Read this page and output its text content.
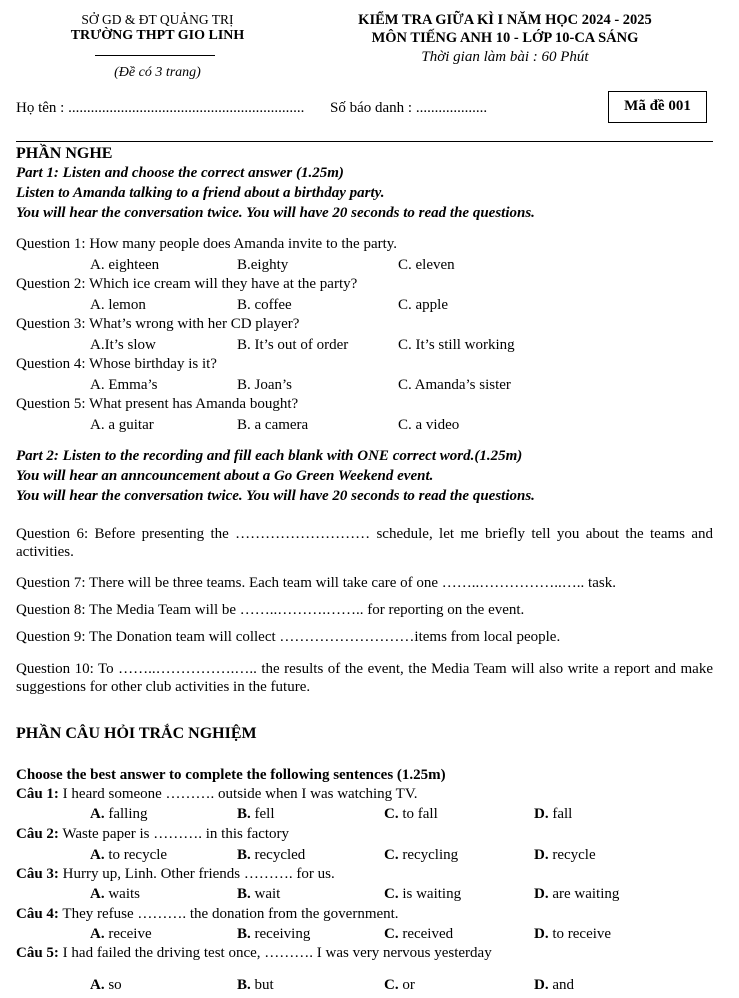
SỞ GD & ĐT QUẢNG TRỊ
TRƯỜNG THPT GIO LINH
(Đề có 3 trang)
KIỂM TRA GIỮA KÌ I NĂM HỌC 2024 - 2025
MÔN TIẾNG ANH 10 - LỚP 10-CA SÁNG
Thời gian làm bài : 60 Phút
Họ tên : ............................................................... Số báo danh : ...................	Mã đề 001
PHẦN NGHE
Part 1: Listen and choose the correct answer (1.25m)
Listen to Amanda talking to a friend about a birthday party.
You will hear the conversation twice. You will have 20 seconds to read the questions.
Question 1: How many people does Amanda invite to the party.
A. eighteen	B.eighty	C. eleven
Question 2: Which ice cream will they have at the party?
A. lemon	B. coffee	C. apple
Question 3: What’s wrong with her CD player?
A.It’s slow	B. It’s out of order	C. It’s still working
Question 4: Whose birthday is it?
A. Emma’s	B. Joan’s	C. Amanda’s sister
Question 5: What present has Amanda bought?
A. a guitar	B. a camera	C. a video
Part 2: Listen to the recording and fill each blank with ONE correct word.(1.25m)
You will hear an anncouncement about a Go Green Weekend event.
You will hear the conversation twice. You will have 20 seconds to read the questions.
Question 6: Before presenting the ……………………… schedule, let me briefly tell you about the teams and activities.
Question 7: There will be three teams. Each team will take care of one ……..……………..….. task.
Question 8: The Media Team will be ……..……….…….. for reporting on the event.
Question 9: The Donation team will collect ………………………items from local people.
Question 10: To ……..…………….….. the results of the event, the Media Team will also write a report and make suggestions for other club activities in the future.
PHẦN CÂU HỎI TRẮC NGHIỆM
Choose the best answer to complete the following sentences (1.25m)
Câu 1: I heard someone ………. outside when I was watching TV.
A. falling	B. fell	C. to fall	D. fall
Câu 2: Waste paper is ………. in this factory
A. to recycle	B. recycled	C. recycling	D. recycle
Câu 3: Hurry up, Linh. Other friends ………. for us.
A. waits	B. wait	C. is waiting	D. are waiting
Câu 4: They refuse ………. the donation from the government.
A. receive	B. receiving	C. received	D. to receive
Câu 5: I had failed the driving test once, ………. I was very nervous yesterday
A. so	B. but	C. or	D. and
